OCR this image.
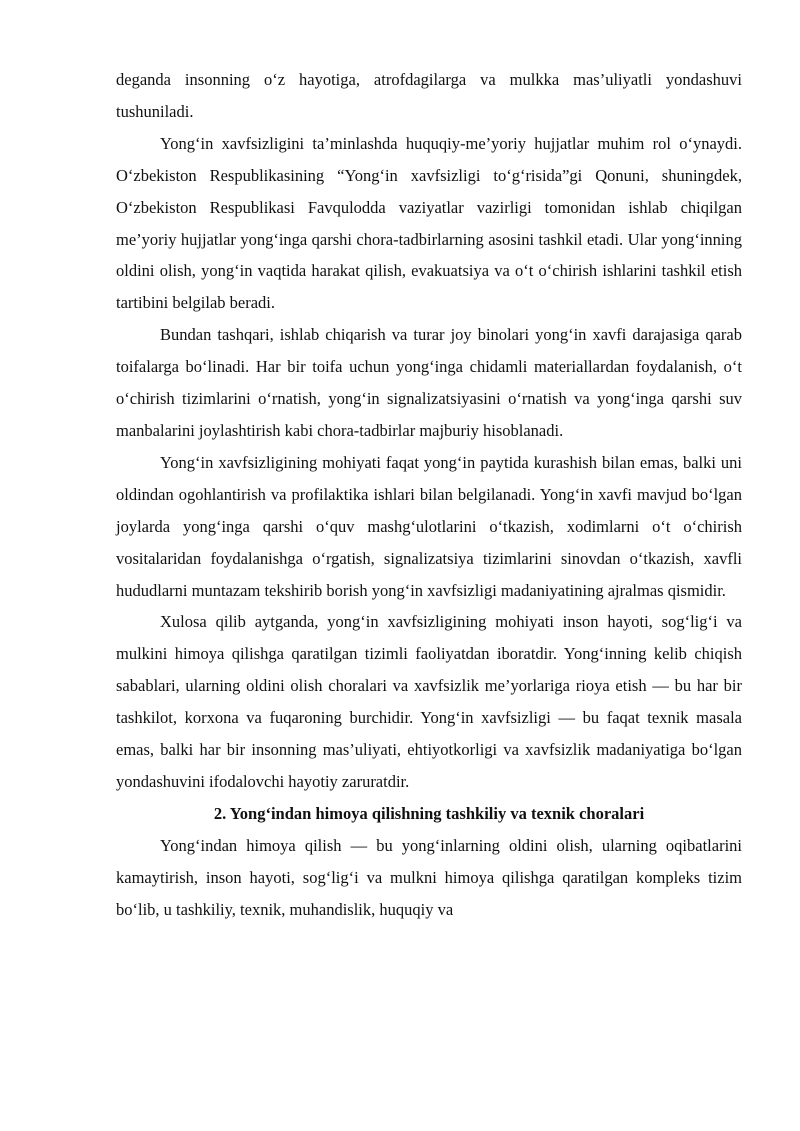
deganda insonning o‘z hayotiga, atrofdagilarga va mulkka mas’uliyatli yondashuvi tushuniladi.

Yong‘in xavfsizligini ta’minlashda huquqiy-me’yoriy hujjatlar muhim rol o‘ynaydi. O‘zbekiston Respublikasining “Yong‘in xavfsizligi to‘g‘risida”gi Qonuni, shuningdek, O‘zbekiston Respublikasi Favqulodda vaziyatlar vazirligi tomonidan ishlab chiqilgan me’yoriy hujjatlar yong‘inga qarshi chora-tadbirlarning asosini tashkil etadi. Ular yong‘inning oldini olish, yong‘in vaqtida harakat qilish, evakuatsiya va o‘t o‘chirish ishlarini tashkil etish tartibini belgilab beradi.

Bundan tashqari, ishlab chiqarish va turar joy binolari yong‘in xavfi darajasiga qarab toifalarga bo‘linadi. Har bir toifa uchun yong‘inga chidamli materiallardan foydalanish, o‘t o‘chirish tizimlarini o‘rnatish, yong‘in signalizatsiyasini o‘rnatish va yong‘inga qarshi suv manbalarini joylashtirish kabi chora-tadbirlar majburiy hisoblanadi.

Yong‘in xavfsizligining mohiyati faqat yong‘in paytida kurashish bilan emas, balki uni oldindan ogohlantirish va profilaktika ishlari bilan belgilanadi. Yong‘in xavfi mavjud bo‘lgan joylarda yong‘inga qarshi o‘quv mashg‘ulotlarini o‘tkazish, xodimlarni o‘t o‘chirish vositalaridan foydalanishga o‘rgatish, signalizatsiya tizimlarini sinovdan o‘tkazish, xavfli hududlarni muntazam tekshirib borish yong‘in xavfsizligi madaniyatining ajralmas qismidir.

Xulosa qilib aytganda, yong‘in xavfsizligining mohiyati inson hayoti, sog‘lig‘i va mulkini himoya qilishga qaratilgan tizimli faoliyatdan iboratdir. Yong‘inning kelib chiqish sabablari, ularning oldini olish choralari va xavfsizlik me’yorlariga rioya etish — bu har bir tashkilot, korxona va fuqaroning burchidir. Yong‘in xavfsizligi — bu faqat texnik masala emas, balki har bir insonning mas’uliyati, ehtiyotkorligi va xavfsizlik madaniyatiga bo‘lgan yondashuvini ifodalovchi hayotiy zaruratdir.

2. Yong‘indan himoya qilishning tashkiliy va texnik choralari

Yong‘indan himoya qilish — bu yong‘inlarning oldini olish, ularning oqibatlarini kamaytirish, inson hayoti, sog‘lig‘i va mulkni himoya qilishga qaratilgan kompleks tizim bo‘lib, u tashkiliy, texnik, muhandislik, huquqiy va
